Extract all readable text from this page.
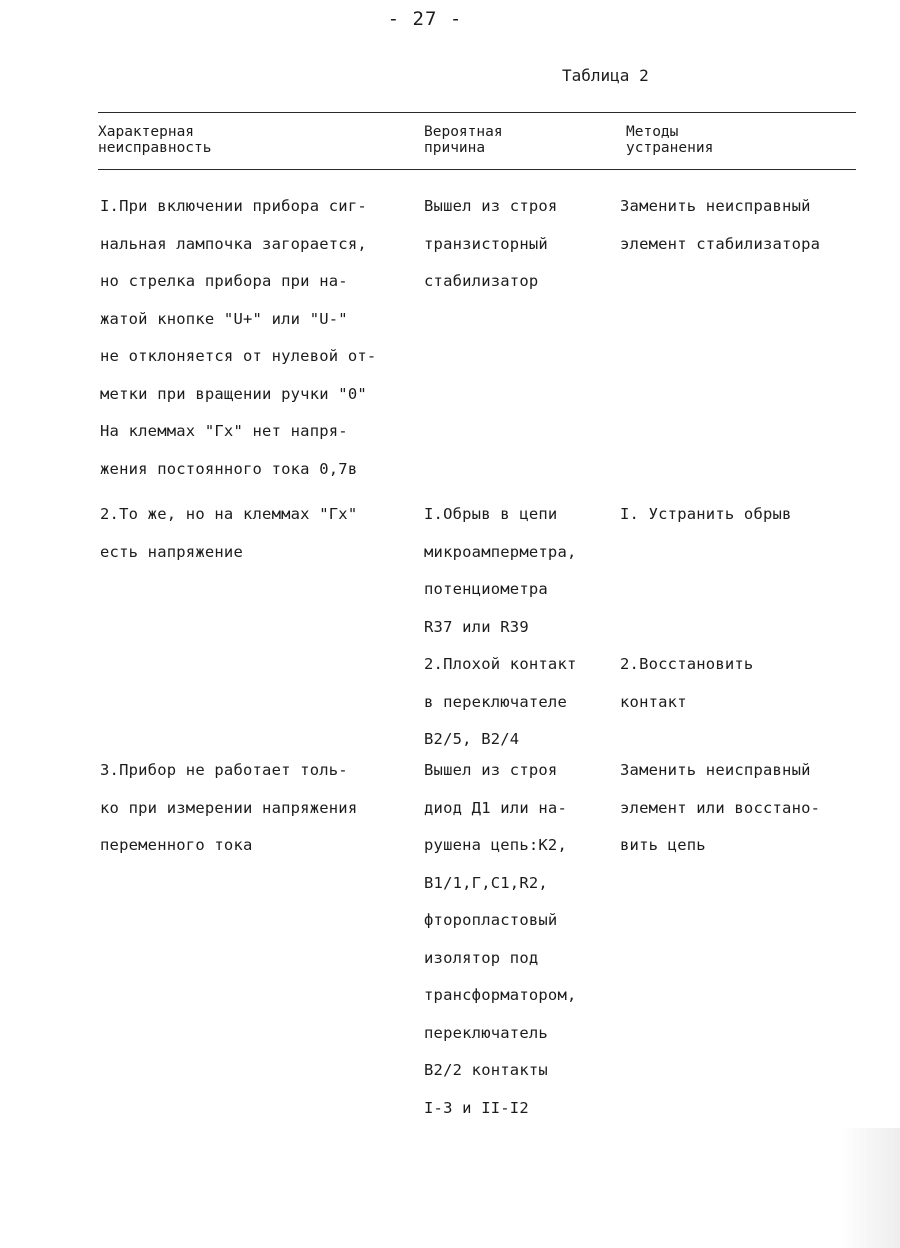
- 27 -
Таблица 2
Характерная
неисправность
Вероятная
причина
Методы
устранения
I.При включении прибора сиг-
нальная лампочка загорается,
но стрелка прибора при на-
жатой кнопке "U+" или "U-"
не отклоняется от нулевой от-
метки при вращении ручки "0"
На клеммах "Гx" нет напря-
жения постоянного тока 0,7в
Вышел из строя
транзисторный
стабилизатор
Заменить неисправный
элемент стабилизатора
2.То же, но на клеммах "Гx"
есть напряжение
I.Обрыв в цепи
микроамперметра,
потенциометра
R37 или R39
2.Плохой контакт
в переключателе
B2/5, B2/4
I. Устранить обрыв

2.Восстановить
контакт
3.Прибор не работает толь-
ко при измерении напряжения
переменного тока
Вышел из строя
диод Д1 или на-
рушена цепь:К2,
B1/1,Г,C1,R2,
фторопластовый
изолятор под
трансформатором,
переключатель
B2/2 контакты
I-3 и II-I2
Заменить неисправный
элемент или восстано-
вить цепь
